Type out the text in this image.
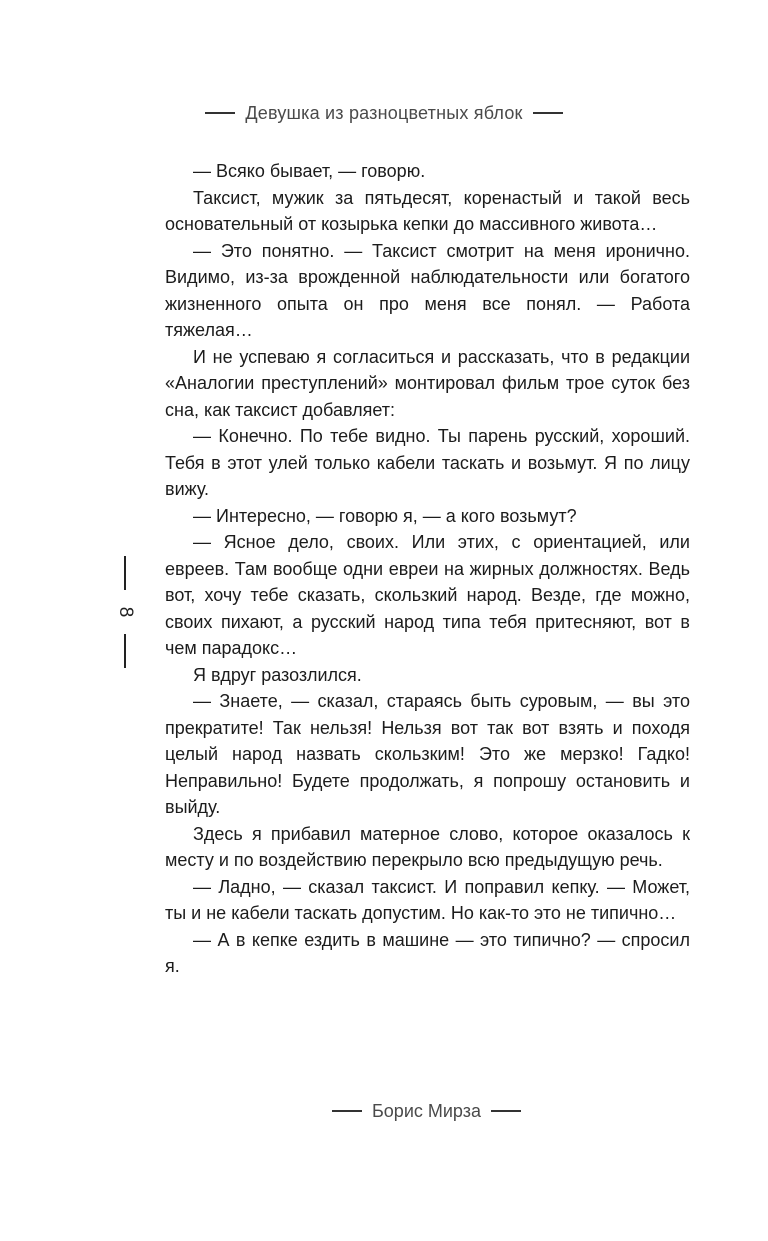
Девушка из разноцветных яблок

— Всяко бывает, — говорю.

Таксист, мужик за пятьдесят, коренастый и такой весь основательный от козырька кепки до массивного живота…

— Это понятно. — Таксист смотрит на меня иронично. Видимо, из-за врожденной наблюдательности или богатого жизненного опыта он про меня все понял. — Работа тяжелая…

И не успеваю я согласиться и рассказать, что в редакции «Аналогии преступлений» монтировал фильм трое суток без сна, как таксист добавляет:

— Конечно. По тебе видно. Ты парень русский, хороший. Тебя в этот улей только кабели таскать и возьмут. Я по лицу вижу.

— Интересно, — говорю я, — а кого возьмут?

— Ясное дело, своих. Или этих, с ориентацией, или евреев. Там вообще одни евреи на жирных должностях. Ведь вот, хочу тебе сказать, скользкий народ. Везде, где можно, своих пихают, а русский народ типа тебя притесняют, вот в чем парадокс…

Я вдруг разозлился.

— Знаете, — сказал, стараясь быть суровым, — вы это прекратите! Так нельзя! Нельзя вот так вот взять и походя целый народ назвать скользким! Это же мерзко! Гадко! Неправильно! Будете продолжать, я попрошу остановить и выйду.

Здесь я прибавил матерное слово, которое оказалось к месту и по воздействию перекрыло всю предыдущую речь.

— Ладно, — сказал таксист. И поправил кепку. — Может, ты и не кабели таскать допустим. Но как-то это не типично…

— А в кепке ездить в машине — это типично? — спросил я.

8
Борис Мирза
